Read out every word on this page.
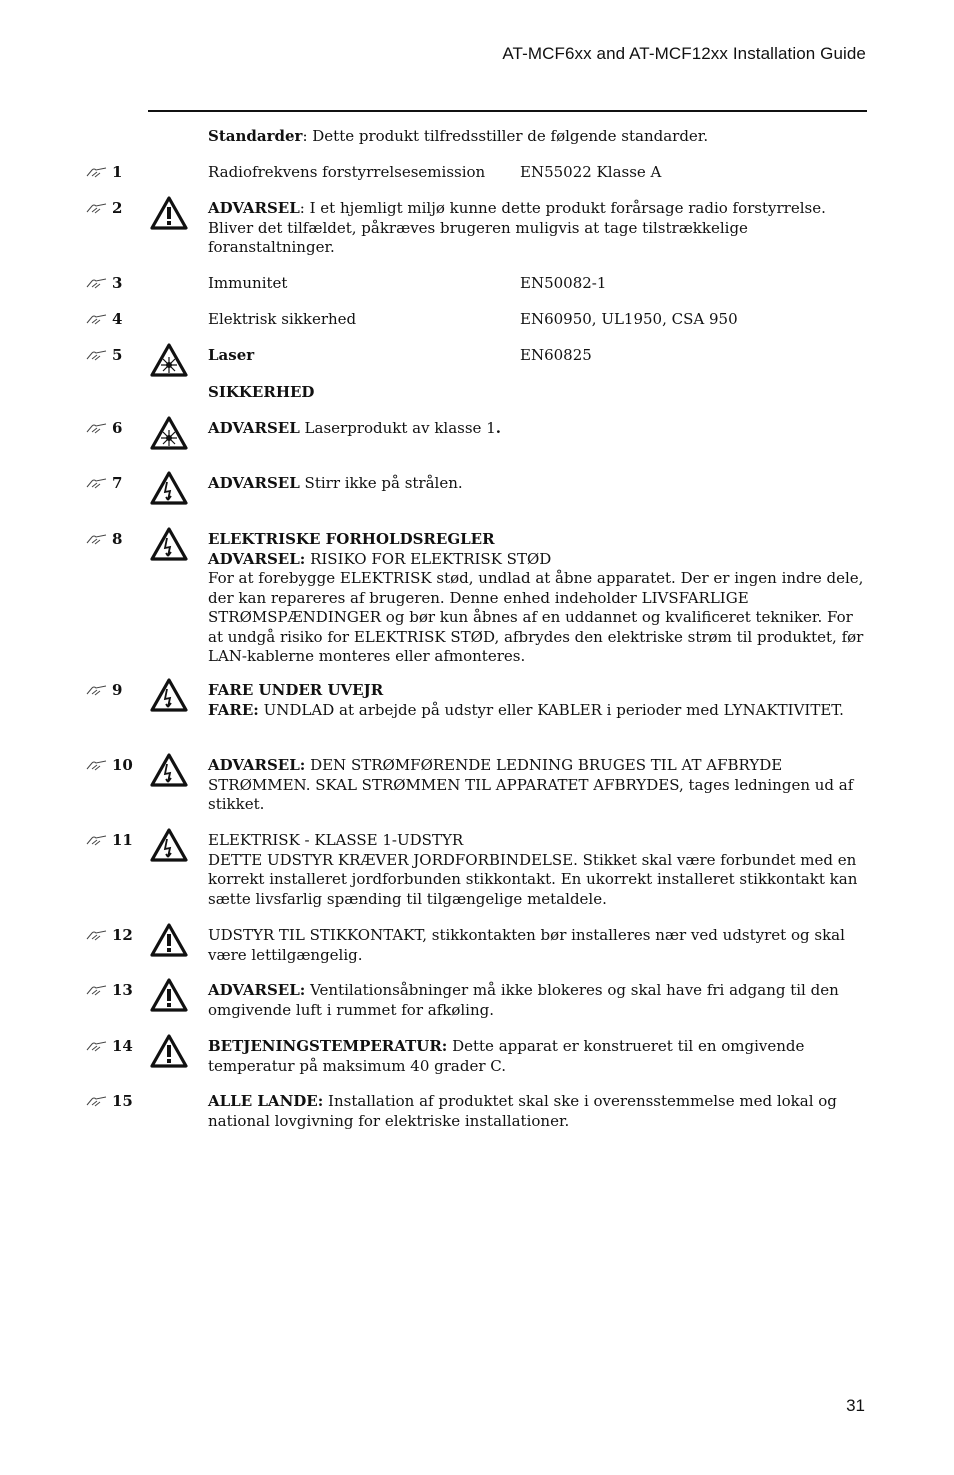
AT-MCF6xx and AT-MCF12xx Installation Guide
Standarder: Dette produkt tilfredsstiller de følgende standarder.
1	Radiofrekvens forstyrrelsesemission EN55022 Klasse A
2	ADVARSEL: I et hjemligt miljø kunne dette produkt forårsage radio forstyrrelse. Bliver det tilfældet, påkræves brugeren muligvis at tage tilstrækkelige foranstaltninger.
3	Immunitet	EN50082-1
4	Elektrisk sikkerhed	EN60950, UL1950, CSA 950
5	Laser	EN60825
SIKKERHED
6	ADVARSEL Laserprodukt av klasse 1.
7	ADVARSEL Stirr ikke på strålen.
8	ELEKTRISKE FORHOLDSREGLER
ADVARSEL: RISIKO FOR ELEKTRISK STØD
For at forebygge ELEKTRISK stød, undlad at åbne apparatet. Der er ingen indre dele, der kan repareres af brugeren. Denne enhed indeholder LIVSFARLIGE STRØMSPÆNDINGER og bør kun åbnes af en uddannet og kvalificeret tekniker. For at undgå risiko for ELEKTRISK STØD, afbrydes den elektriske strøm til produktet, før LAN-kablerne monteres eller afmonteres.
9	FARE UNDER UVEJR
FARE: UNDLAD at arbejde på udstyr eller KABLER i perioder med LYNAKTIVITET.
10	ADVARSEL: DEN STRØMFØRENDE LEDNING BRUGES TIL AT AFBRYDE STRØMMEN. SKAL STRØMMEN TIL APPARATET AFBRYDES, tages ledningen ud af stikket.
11	ELEKTRISK - KLASSE 1-UDSTYR
DETTE UDSTYR KRÆVER JORDFORBINDELSE. Stikket skal være forbundet med en korrekt installeret jordforbunden stikkontakt. En ukorrekt installeret stikkontakt kan sætte livsfarlig spænding til tilgængelige metaldele.
12	UDSTYR TIL STIKKONTAKT, stikkontakten bør installeres nær ved udstyret og skal være lettilgængelig.
13	ADVARSEL: Ventilationsåbninger må ikke blokeres og skal have fri adgang til den omgivende luft i rummet for afkøling.
14	BETJENINGSTEMPERATUR: Dette apparat er konstrueret til en omgivende temperatur på maksimum 40 grader C.
15	ALLE LANDE: Installation af produktet skal ske i overensstemmelse med lokal og national lovgivning for elektriske installationer.
31
